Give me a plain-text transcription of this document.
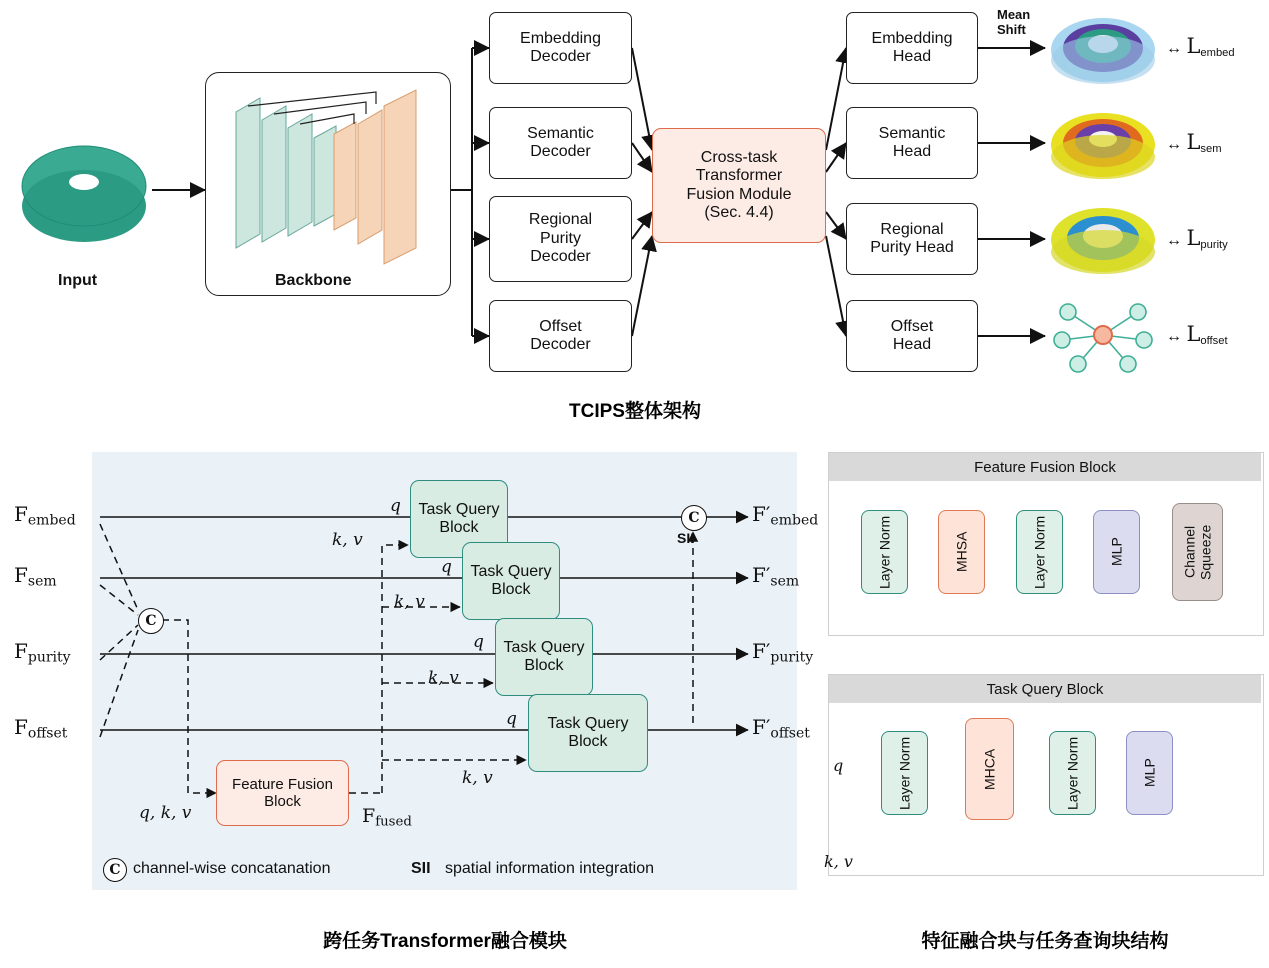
Input	Backbone
Embedding
Decoder
Semantic
Decoder
Regional
Purity
Decoder
Offset
Decoder
Cross-task
Transformer
Fusion Module
(Sec. 4.4)
Embedding
Head
Semantic
Head
Regional
Purity Head
Offset
Head
Mean
Shift
↔ $L_{embed}$
↔ $L_{sem}$
↔ $L_{purity}$
↔ $L_{offset}$
TCIPS整体架构
$F_{embed}$
$F_{sem}$
$F_{purity}$
$F_{offset}$
$F'_{embed}$
$F'_{sem}$
$F'_{purity}$
$F'_{offset}$
Task Query
Block
Task Query
Block
Task Query
Block
Task Query
Block
Feature Fusion
Block
q
q
q
q
k, v
k, v
k, v
k, v
q, k, v	$F_{fused}$
C
C
SII
C channel-wise concatanation	SII spatial information integration
跨任务Transformer融合模块
Feature Fusion Block
Layer Norm	MHSA	Layer Norm	MLP	Channel Squeeze
Task Query Block
Layer Norm	MHCA	Layer Norm	MLP
q
k, v
特征融合块与任务查询块结构
